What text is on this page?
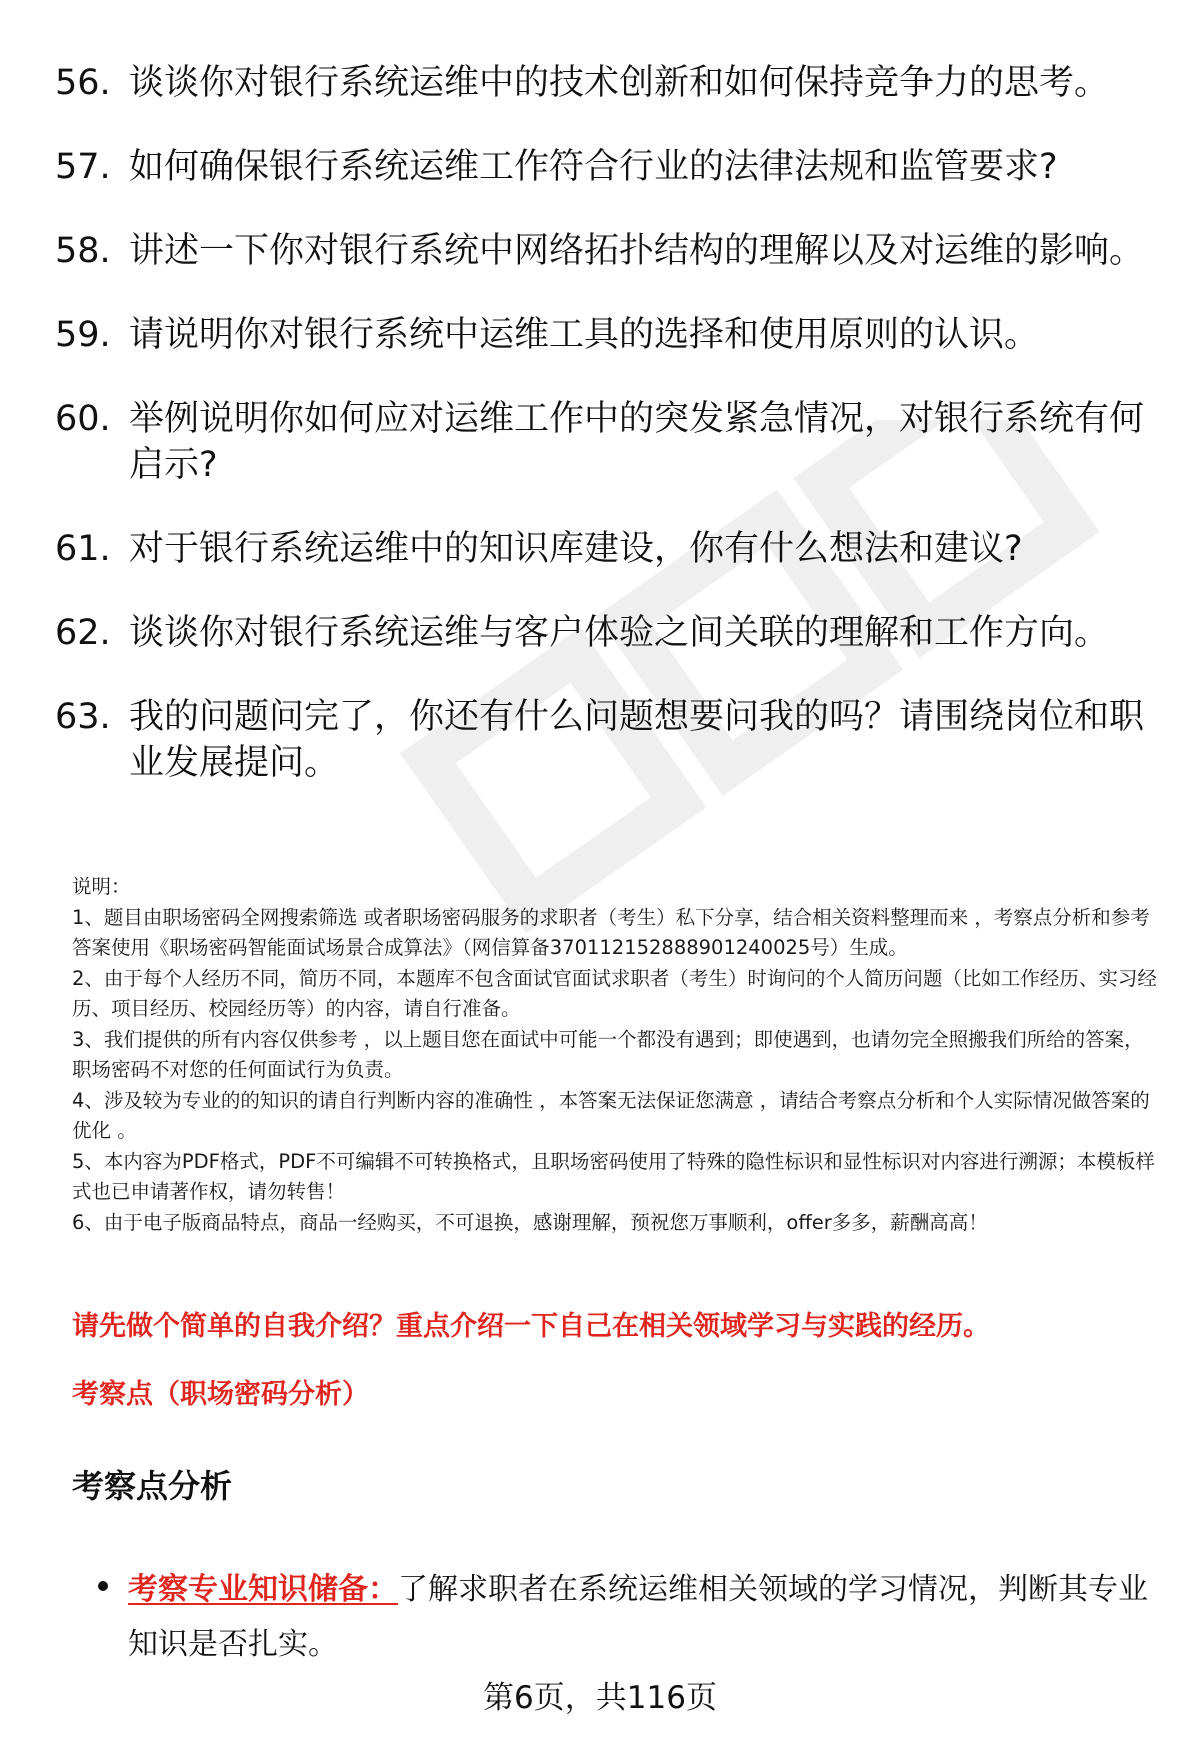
56. 谈谈你对银行系统运维中的技术创新和如何保持竞争力的思考。
57. 如何确保银行系统运维工作符合行业的法律法规和监管要求?
58. 讲述一下你对银行系统中网络拓扑结构的理解以及对运维的影响。
59. 请说明你对银行系统中运维工具的选择和使用原则的认识。
60. 举例说明你如何应对运维工作中的突发紧急情况，对银行系统有何启示?
61. 对于银行系统运维中的知识库建设，你有什么想法和建议?
62. 谈谈你对银行系统运维与客户体验之间关联的理解和工作方向。
63. 我的问题问完了，你还有什么问题想要问我的吗？请围绕岗位和职业发展提问。

说明：

1、题目由职场密码全网搜索筛选 或者职场密码服务的求职者（考生）私下分享，结合相关资料整理而来 ，考察点分析和参考答案使用《职场密码智能面试场景合成算法》（网信算备370112152888901240025号）生成。

2、由于每个人经历不同，简历不同，本题库不包含面试官面试求职者（考生）时询问的个人简历问题（比如工作经历、实习经历、项目经历、校园经历等）的内容，请自行准备。

3、我们提供的所有内容仅供参考 ，以上题目您在面试中可能一个都没有遇到；即使遇到，也请勿完全照搬我们所给的答案，职场密码不对您的任何面试行为负责。

4、涉及较为专业的的知识的请自行判断内容的准确性 ，本答案无法保证您满意 ，请结合考察点分析和个人实际情况做答案的优化 。

5、本内容为PDF格式，PDF不可编辑不可转换格式，且职场密码使用了特殊的隐性标识和显性标识对内容进行溯源；本模板样式也已申请著作权，请勿转售！

6、由于电子版商品特点，商品一经购买，不可退换，感谢理解，预祝您万事顺利，offer多多，薪酬高高！

请先做个简单的自我介绍？重点介绍一下自己在相关领域学习与实践的经历。
考察点（职场密码分析）
考察点分析
考察专业知识储备：了解求职者在系统运维相关领域的学习情况，判断其专业知识是否扎实。
第6页，共116页
